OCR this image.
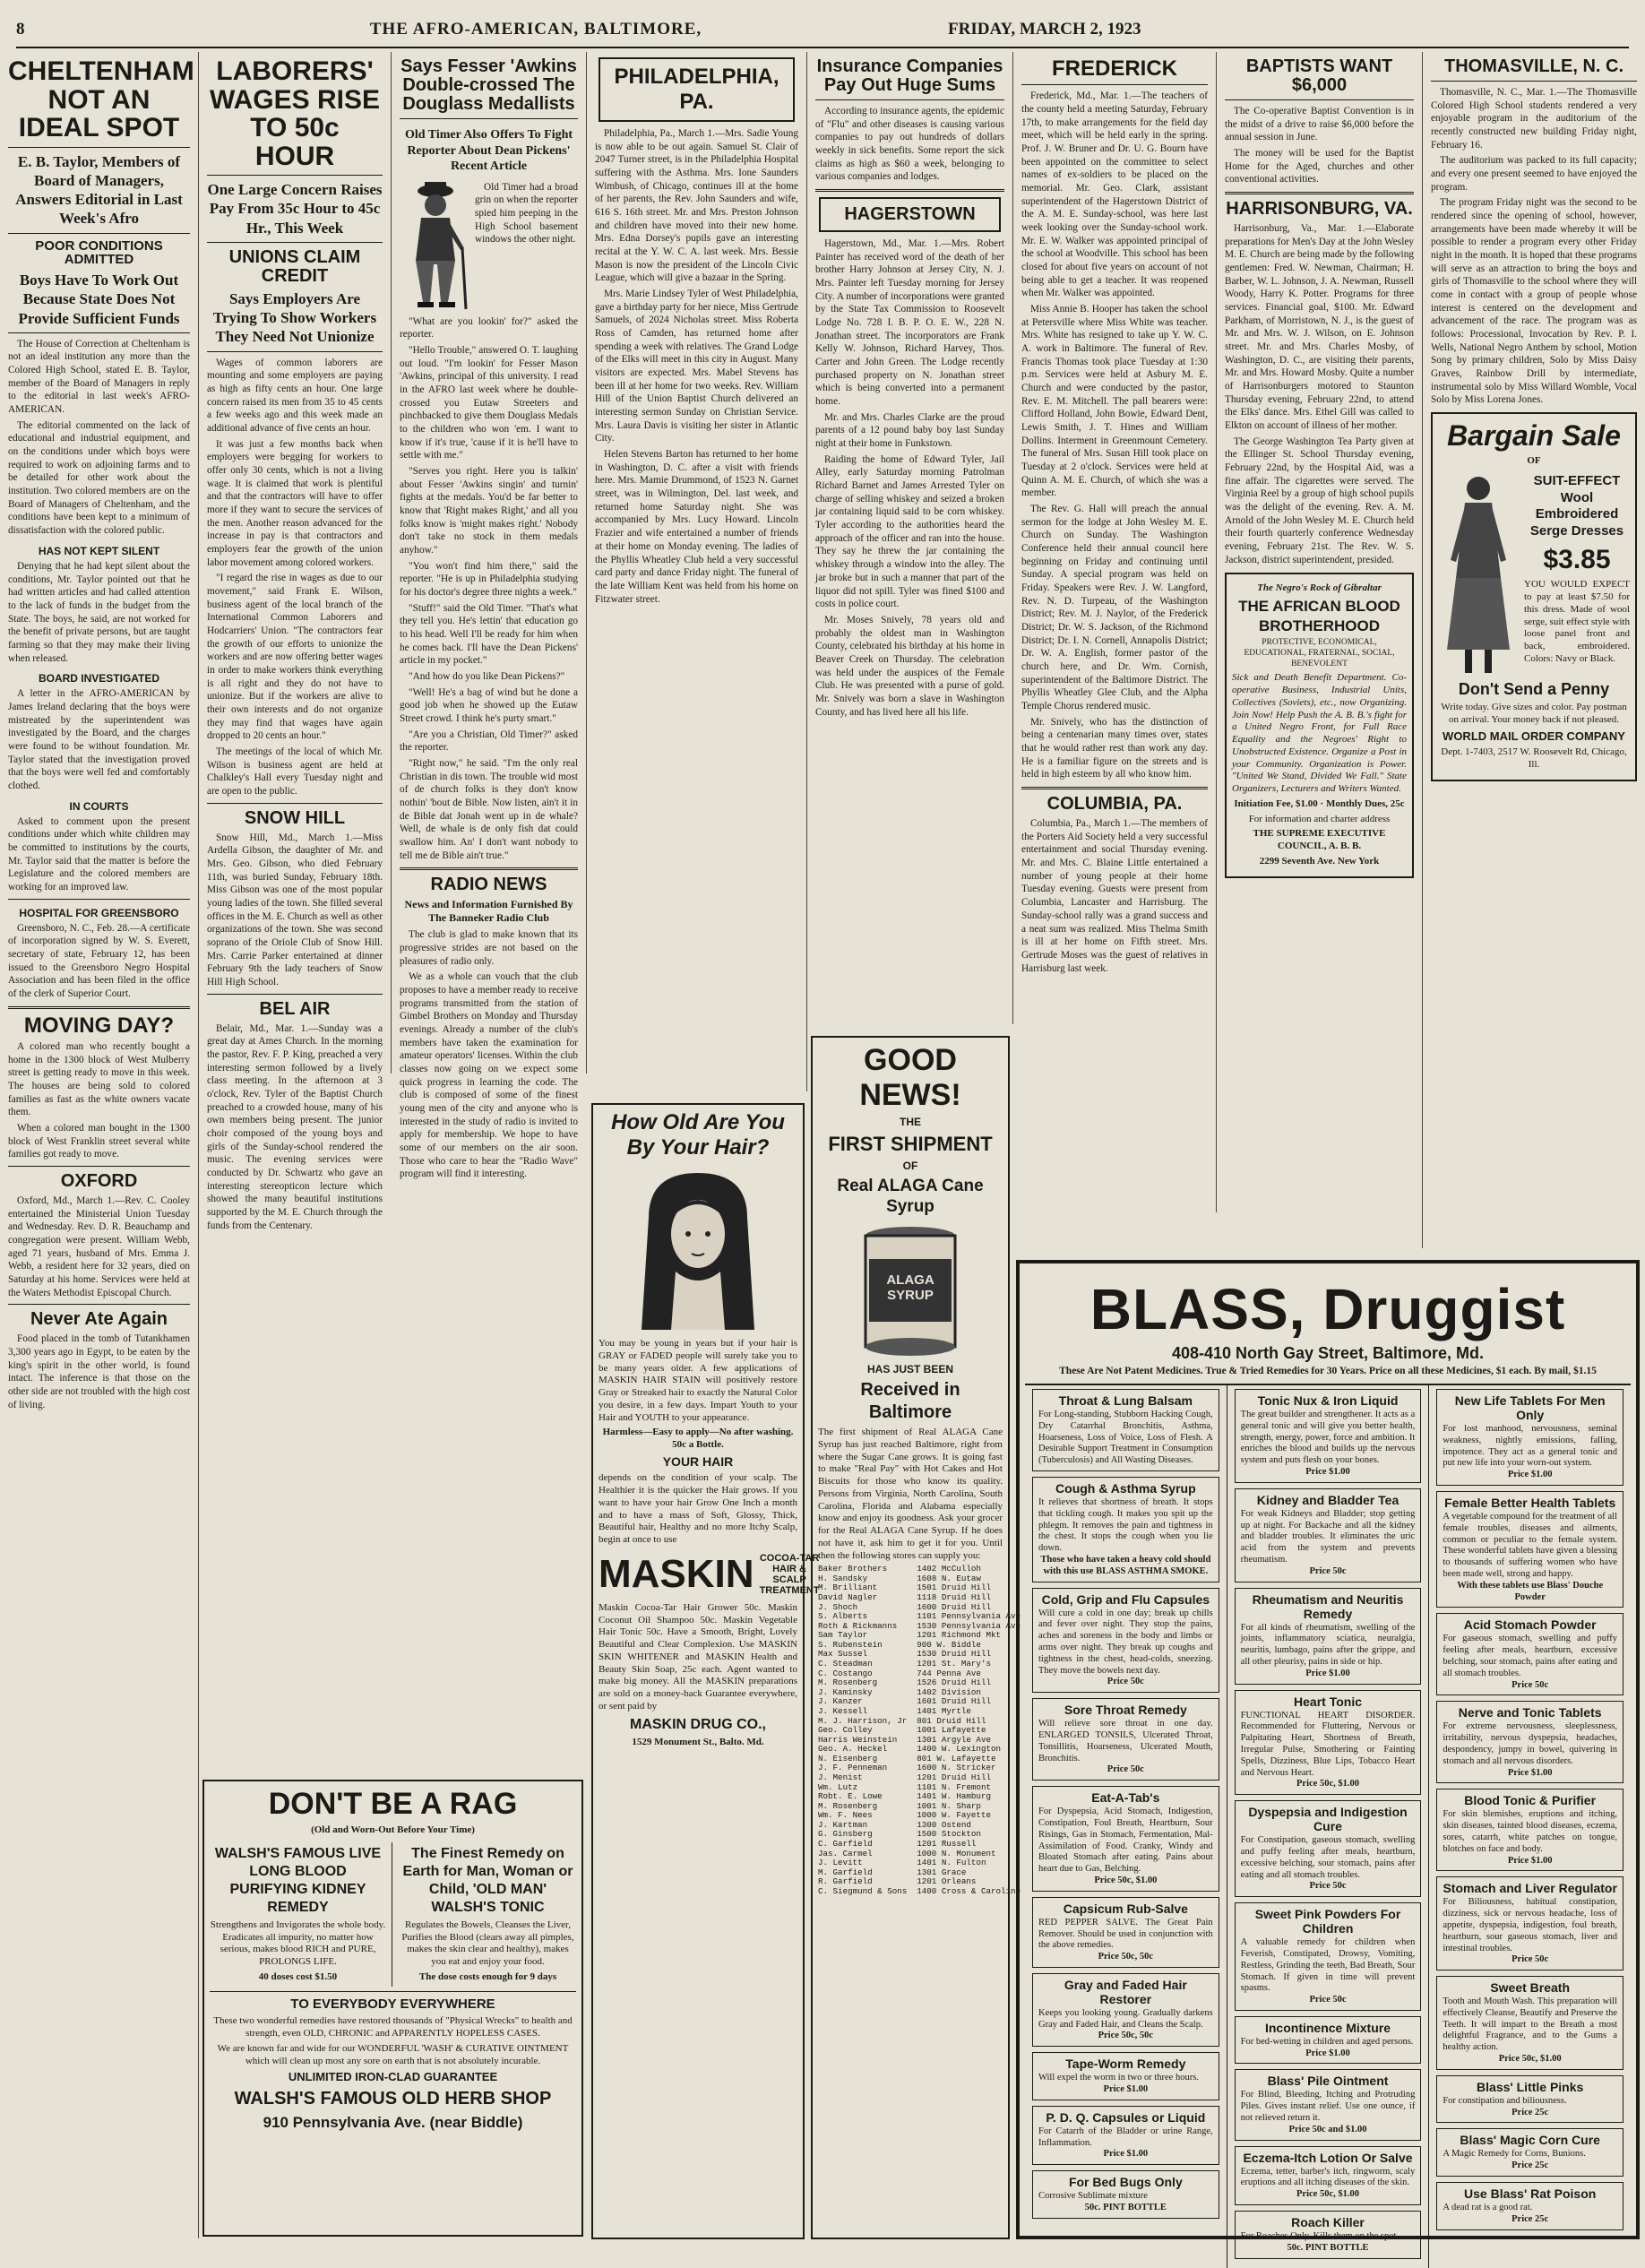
8	THE AFRO-AMERICAN, BALTIMORE,	FRIDAY, MARCH 2, 1923
CHELTENHAM NOT AN IDEAL SPOT
E. B. Taylor, Members of Board of Managers, Answers Editorial in Last Week's Afro
POOR CONDITIONS ADMITTED
Boys Have To Work Out Because State Does Not Provide Sufficient Funds

The House of Correction at Cheltenham is not an ideal institution any more than the Colored High School, stated E. B. Taylor, member of the Board of Managers in reply to the editorial in last week's AFRO-AMERICAN.

The editorial commented on the lack of educational and industrial equipment, and on the conditions under which boys were required to work on adjoining farms and to be detailed for other work about the institution. Two colored members are on the Board of Managers of Cheltenham, and the conditions have been kept to a minimum of dissatisfaction with the colored public.

HAS NOT KEPT SILENT

Denying that he had kept silent about the conditions, Mr. Taylor pointed out that he had written articles and had called attention to the lack of funds in the budget from the State. The boys, he said, are not worked for the benefit of private persons, but are taught farming so that they may make their living when released.

BOARD INVESTIGATED

A letter in the AFRO-AMERICAN by James Ireland declaring that the boys were mistreated by the superintendent was investigated by the Board, and the charges were found to be without foundation. Mr. Taylor stated that the investigation proved that the boys were well fed and comfortably clothed.

IN COURTS

Asked to comment upon the present conditions under which white children may be committed to institutions by the courts, Mr. Taylor said that the matter is before the Legislature and the colored members are working for an improved law.

HOSPITAL FOR GREENSBORO

Greensboro, N. C., Feb. 28.—A certificate of incorporation signed by W. S. Everett, secretary of state, February 12, has been issued to the Greensboro Negro Hospital Association and has been filed in the office of the clerk of Superior Court.

MOVING DAY?

A colored man who recently bought a home in the 1300 block of West Mulberry street is getting ready to move in this week. The houses are being sold to colored families as fast as the white owners vacate them.

When a colored man bought in the 1300 block of West Franklin street several white families got ready to move.

OXFORD

Oxford, Md., March 1.—Rev. C. Cooley entertained the Ministerial Union Tuesday and Wednesday. Rev. D. R. Beauchamp and congregation were present. William Webb, aged 71 years, husband of Mrs. Emma J. Webb, a resident here for 32 years, died on Saturday at his home. Services were held at the Waters Methodist Episcopal Church.

Never Ate Again

Food placed in the tomb of Tutankhamen 3,300 years ago in Egypt, to be eaten by the king's spirit in the other world, is found intact. The inference is that those on the other side are not troubled with the high cost of living.

LABORERS' WAGES RISE TO 50c HOUR
One Large Concern Raises Pay From 35c Hour to 45c Hr., This Week
UNIONS CLAIM CREDIT
Says Employers Are Trying To Show Workers They Need Not Unionize

Wages of common laborers are mounting and some employers are paying as high as fifty cents an hour. One large concern raised its men from 35 to 45 cents a few weeks ago and this week made an additional advance of five cents an hour.

It was just a few months back when employers were begging for workers to offer only 30 cents, which is not a living wage. It is claimed that work is plentiful and that the contractors will have to offer more if they want to secure the services of the men. Another reason advanced for the increase in pay is that contractors and employers fear the growth of the union labor movement among colored workers.

"I regard the rise in wages as due to our movement," said Frank E. Wilson, business agent of the local branch of the International Common Laborers and Hodcarriers' Union. "The contractors fear the growth of our efforts to unionize the workers and are now offering better wages in order to make workers think everything is all right and they do not have to unionize. But if the workers are alive to their own interests and do not organize they may find that wages have again dropped to 20 cents an hour."

The meetings of the local of which Mr. Wilson is business agent are held at Chalkley's Hall every Tuesday night and are open to the public.

SNOW HILL

Snow Hill, Md., March 1.—Miss Ardella Gibson, the daughter of Mr. and Mrs. Geo. Gibson, who died February 11th, was buried Sunday, February 18th. Miss Gibson was one of the most popular young ladies of the town. She filled several offices in the M. E. Church as well as other organizations of the town. She was second soprano of the Oriole Club of Snow Hill. Mrs. Carrie Parker entertained at dinner February 9th the lady teachers of Snow Hill High School.

BEL AIR

Belair, Md., Mar. 1.—Sunday was a great day at Ames Church. In the morning the pastor, Rev. F. P. King, preached a very interesting sermon followed by a lively class meeting. In the afternoon at 3 o'clock, Rev. Tyler of the Baptist Church preached to a crowded house, many of his own members being present. The junior choir composed of the young boys and girls of the Sunday-school rendered the music. The evening services were conducted by Dr. Schwartz who gave an interesting stereopticon lecture which showed the many beautiful institutions supported by the M. E. Church through the funds from the Centenary.

Says Fesser 'Awkins Double-crossed The Douglass Medallists
Old Timer Also Offers To Fight Reporter About Dean Pickens' Recent Article

Old Timer had a broad grin on when the reporter spied him peeping in the High School basement windows the other night.

"What are you lookin' for?" asked the reporter.

"Hello Trouble," answered O. T. laughing out loud. "I'm lookin' for Fesser Mason 'Awkins, principal of this university. I read in the AFRO last week where he double-crossed you Eutaw Streeters and pinchbacked to give them Douglass Medals to the children who won 'em. I want to know if it's true, 'cause if it is he'll have to settle with me."

"Serves you right. Here you is talkin' about Fesser 'Awkins singin' and turnin' fights at the medals. You'd be far better to know that 'Right makes Right,' and all you folks know is 'might makes right.' Nobody don't take no stock in them medals anyhow."

"You won't find him there," said the reporter. "He is up in Philadelphia studying for his doctor's degree three nights a week."

"Stuff!" said the Old Timer. "That's what they tell you. He's lettin' that education go to his head. Well I'll be ready for him when he comes back. I'll have the Dean Pickens' article in my pocket."

"And how do you like Dean Pickens?"

"Well! He's a bag of wind but he done a good job when he showed up the Eutaw Street crowd. I think he's purty smart."

"Are you a Christian, Old Timer?" asked the reporter.

"Right now," he said. "I'm the only real Christian in dis town. The trouble wid most of de church folks is they don't know nothin' 'bout de Bible. Now listen, ain't it in de Bible dat Jonah went up in de whale? Well, de whale is de only fish dat could swallow him. An' I don't want nobody to tell me de Bible ain't true."

RADIO NEWS
News and Information Furnished By The Banneker Radio Club

The club is glad to make known that its progressive strides are not based on the pleasures of radio only.

We as a whole can vouch that the club proposes to have a member ready to receive programs transmitted from the station of Gimbel Brothers on Monday and Thursday evenings. Already a number of the club's members have taken the examination for amateur operators' licenses. Within the club classes now going on we expect some quick progress in learning the code. The club is composed of some of the finest young men of the city and anyone who is interested in the study of radio is invited to apply for membership. We hope to have some of our members on the air soon. Those who care to hear the "Radio Wave" program will find it interesting.

DON'T BE A RAG

(Old and Worn-Out Before Your Time)

WALSH'S FAMOUS LIVE LONG BLOOD PURIFYING KIDNEY REMEDY

Strengthens and Invigorates the whole body. Eradicates all impurity, no matter how serious, makes blood RICH and PURE, PROLONGS LIFE.

40 doses cost $1.50

The Finest Remedy on Earth for Man, Woman or Child, 'OLD MAN' WALSH'S TONIC

Regulates the Bowels, Cleanses the Liver, Purifies the Blood (clears away all pimples, makes the skin clear and healthy), makes you eat and enjoy your food.

The dose costs enough for 9 days

TO EVERYBODY EVERYWHERE

These two wonderful remedies have restored thousands of "Physical Wrecks" to health and strength, even OLD, CHRONIC and APPARENTLY HOPELESS CASES.

We are known far and wide for our WONDERFUL 'WASH' & CURATIVE OINTMENT which will clean up most any sore on earth that is not absolutely incurable.

UNLIMITED IRON-CLAD GUARANTEE

WALSH'S FAMOUS OLD HERB SHOP

910 Pennsylvania Ave. (near Biddle)

PHILADELPHIA, PA.

Philadelphia, Pa., March 1.—Mrs. Sadie Young is now able to be out again. Samuel St. Clair of 2047 Turner street, is in the Philadelphia Hospital suffering with the Asthma. Mrs. Ione Saunders Wimbush, of Chicago, continues ill at the home of her parents, the Rev. John Saunders and wife, 616 S. 16th street. Mr. and Mrs. Preston Johnson and children have moved into their new home. Mrs. Edna Dorsey's pupils gave an interesting recital at the Y. W. C. A. last week. Mrs. Bessie Mason is now the president of the Lincoln Civic League, which will give a bazaar in the Spring.

Mrs. Marie Lindsey Tyler of West Philadelphia, gave a birthday party for her niece, Miss Gertrude Samuels, of 2024 Nicholas street. Miss Roberta Ross of Camden, has returned home after spending a week with relatives. The Grand Lodge of the Elks will meet in this city in August. Many visitors are expected. Mrs. Mabel Stevens has been ill at her home for two weeks. Rev. William Hill of the Union Baptist Church delivered an interesting sermon Sunday on Christian Service. Mrs. Laura Davis is visiting her sister in Atlantic City.

Helen Stevens Barton has returned to her home in Washington, D. C. after a visit with friends here. Mrs. Mamie Drummond, of 1523 N. Garnet street, was in Wilmington, Del. last week, and returned home Saturday night. She was accompanied by Mrs. Lucy Howard. Lincoln Frazier and wife entertained a number of friends at their home on Monday evening. The ladies of the Phyllis Wheatley Club held a very successful card party and dance Friday night. The funeral of the late William Kent was held from his home on Fitzwater street.

How Old Are You By Your Hair?

You may be young in years but if your hair is GRAY or FADED people will surely take you to be many years older. A few applications of MASKIN HAIR STAIN will positively restore Gray or Streaked hair to exactly the Natural Color you desire, in a few days. Impart Youth to your Hair and YOUTH to your appearance.

Harmless—Easy to apply—No after washing. 50c a Bottle.

YOUR HAIR

depends on the condition of your scalp. The Healthier it is the quicker the Hair grows. If you want to have your hair Grow One Inch a month and to have a mass of Soft, Glossy, Thick, Beautiful hair, Healthy and no more Itchy Scalp, begin at once to use

MASKIN COCOA-TAR HAIR & SCALP TREATMENT

Maskin Cocoa-Tar Hair Grower 50c. Maskin Coconut Oil Shampoo 50c. Maskin Vegetable Hair Tonic 50c. Have a Smooth, Bright, Lovely Beautiful and Clear Complexion. Use MASKIN SKIN WHITENER and MASKIN Health and Beauty Skin Soap, 25c each. Agent wanted to make big money. All the MASKIN preparations are sold on a money-back Guarantee everywhere, or sent paid by

MASKIN DRUG CO.,

1529 Monument St., Balto. Md.

Insurance Companies Pay Out Huge Sums

According to insurance agents, the epidemic of "Flu" and other diseases is causing various companies to pay out hundreds of dollars weekly in sick benefits. Some report the sick claims as high as $60 a week, belonging to various companies and lodges.

HAGERSTOWN

Hagerstown, Md., Mar. 1.—Mrs. Robert Painter has received word of the death of her brother Harry Johnson at Jersey City, N. J. Mrs. Painter left Tuesday morning for Jersey City. A number of incorporations were granted by the State Tax Commission to Roosevelt Lodge No. 728 I. B. P. O. E. W., 228 N. Jonathan street. The incorporators are Frank Kelly W. Johnson, Richard Harvey, Thos. Carter and John Green. The Lodge recently purchased property on N. Jonathan street which is being converted into a permanent home.

Mr. and Mrs. Charles Clarke are the proud parents of a 12 pound baby boy last Sunday night at their home in Funkstown.

Raiding the home of Edward Tyler, Jail Alley, early Saturday morning Patrolman Richard Barnet and James Arrested Tyler on charge of selling whiskey and seized a broken jar containing liquid said to be corn whiskey. Tyler according to the authorities heard the approach of the officer and ran into the house. They say he threw the jar containing the whiskey through a window into the alley. The jar broke but in such a manner that part of the liquor did not spill. Tyler was fined $100 and costs in police court.

Mr. Moses Snively, 78 years old and probably the oldest man in Washington County, celebrated his birthday at his home in Beaver Creek on Thursday. The celebration was held under the auspices of the Female Club. He was presented with a purse of gold. Mr. Snively was born a slave in Washington County, and has lived here all his life.

GOOD NEWS!

THE

FIRST SHIPMENT

OF

Real ALAGA Cane Syrup

ALAGA SYRUP

HAS JUST BEEN

Received in Baltimore

The first shipment of Real ALAGA Cane Syrup has just reached Baltimore, right from where the Sugar Cane grows. It is going fast to make "Real Pay" with Hot Cakes and Hot Biscuits for those who know its quality. Persons from Virginia, North Carolina, South Carolina, Florida and Alabama especially know and enjoy its goodness. Ask your grocer for the Real ALAGA Cane Syrup. If he does not have it, ask him to get it for you. Until then the following stores can supply you:

Baker Brothers      1402 McCulloh
H. Sandsky          1608 N. Eutaw
M. Brilliant        1501 Druid Hill
David Nagler        1118 Druid Hill
J. Shoch            1600 Druid Hill
S. Alberts          1101 Pennsylvania Ave
Roth & Rickmanns    1530 Pennsylvania Ave
Sam Taylor          1201 Richmond Mkt
S. Rubenstein       900 W. Biddle
Max Sussel          1530 Druid Hill
C. Steadman         1201 St. Mary's
C. Costango         744 Penna Ave
M. Rosenberg        1526 Druid Hill
J. Kaminsky         1402 Division
J. Kanzer           1601 Druid Hill
J. Kessell          1401 Myrtle
M. J. Harrison, Jr  801 Druid Hill
Geo. Colley         1001 Lafayette
Harris Weinstein    1301 Argyle Ave
Geo. A. Heckel      1400 W. Lexington
N. Eisenberg        801 W. Lafayette
J. F. Penneman      1600 N. Stricker
J. Menist           1201 Druid Hill
Wm. Lutz            1101 N. Fremont
Robt. E. Lowe       1401 W. Hamburg
M. Rosenberg        1001 N. Sharp
Wm. F. Nees         1000 W. Fayette
J. Kartman          1300 Ostend
G. Ginsberg         1500 Stockton
C. Garfield         1201 Russell
Jas. Carmel         1000 N. Monument
J. Levitt           1401 N. Fulton
M. Garfield         1301 Grace
R. Garfield         1201 Orleans
C. Siegmund & Sons  1400 Cross & Caroline
FREDERICK

Frederick, Md., Mar. 1.—The teachers of the county held a meeting Saturday, February 17th, to make arrangements for the field day meet, which will be held early in the spring. Prof. J. W. Bruner and Dr. U. G. Bourn have been appointed on the committee to select names of ex-soldiers to be placed on the memorial. Mr. Geo. Clark, assistant superintendent of the Hagerstown District of the A. M. E. Sunday-school, was here last week looking over the Sunday-school work. Mr. E. W. Walker was appointed principal of the school at Woodville. This school has been closed for about five years on account of not being able to get a teacher. It was reopened when Mr. Walker was appointed.

Miss Annie B. Hooper has taken the school at Petersville where Miss White was teacher. Mrs. White has resigned to take up Y. W. C. A. work in Baltimore. The funeral of Rev. Francis Thomas took place Tuesday at 1:30 p.m. Services were held at Asbury M. E. Church and were conducted by the pastor, Rev. E. M. Mitchell. The pall bearers were: Clifford Holland, John Bowie, Edward Dent, Lewis Smith, J. T. Hines and William Dollins. Interment in Greenmount Cemetery. The funeral of Mrs. Susan Hill took place on Tuesday at 2 o'clock. Services were held at Quinn A. M. E. Church, of which she was a member.

The Rev. G. Hall will preach the annual sermon for the lodge at John Wesley M. E. Church on Sunday. The Washington Conference held their annual council here beginning on Friday and continuing until Sunday. A special program was held on Friday. Speakers were Rev. J. W. Langford, Rev. N. D. Turpeau, of the Washington District; Rev. M. J. Naylor, of the Frederick District; Dr. W. S. Jackson, of the Richmond District; Dr. I. N. Cornell, Annapolis District; Dr. W. A. English, former pastor of the church here, and Dr. Wm. Cornish, superintendent of the Baltimore District. The Phyllis Wheatley Glee Club, and the Alpha Temple Chorus rendered music.

Mr. Snively, who has the distinction of being a centenarian many times over, states that he would rather rest than work any day. He is a familiar figure on the streets and is held in high esteem by all who know him.

COLUMBIA, PA.

Columbia, Pa., March 1.—The members of the Porters Aid Society held a very successful entertainment and social Thursday evening. Mr. and Mrs. C. Blaine Little entertained a number of young people at their home Tuesday evening. Guests were present from Columbia, Lancaster and Harrisburg. The Sunday-school rally was a grand success and a neat sum was realized. Miss Thelma Smith is ill at her home on Fifth street. Mrs. Gertrude Moses was the guest of relatives in Harrisburg last week.

BAPTISTS WANT $6,000

The Co-operative Baptist Convention is in the midst of a drive to raise $6,000 before the annual session in June.

The money will be used for the Baptist Home for the Aged, churches and other conventional activities.

HARRISONBURG, VA.

Harrisonburg, Va., Mar. 1.—Elaborate preparations for Men's Day at the John Wesley M. E. Church are being made by the following gentlemen: Fred. W. Newman, Chairman; H. Barber, W. L. Johnson, J. A. Newman, Russell Woody, Harry K. Potter. Programs for three services. Financial goal, $100. Mr. Edward Parkham, of Morristown, N. J., is the guest of Mr. and Mrs. W. J. Wilson, on E. Johnson street. Mr. and Mrs. Charles Mosby, of Washington, D. C., are visiting their parents, Mr. and Mrs. Howard Mosby. Quite a number of Harrisonburgers motored to Staunton Thursday evening, February 22nd, to attend the Elks' dance. Mrs. Ethel Gill was called to Elkton on account of illness of her mother.

The George Washington Tea Party given at the Ellinger St. School Thursday evening, February 22nd, by the Hospital Aid, was a fine affair. The cigarettes were served. The Virginia Reel by a group of high school pupils was the delight of the evening. Rev. A. M. Arnold of the John Wesley M. E. Church held their fourth quarterly conference Wednesday evening, February 21st. The Rev. W. S. Jackson, district superintendent, presided.

The Negro's Rock of Gibraltar

THE AFRICAN BLOOD BROTHERHOOD

PROTECTIVE, ECONOMICAL, EDUCATIONAL, FRATERNAL, SOCIAL, BENEVOLENT

Sick and Death Benefit Department. Co-operative Business, Industrial Units, Collectives (Soviets), etc., now Organizing. Join Now! Help Push the A. B. B.'s fight for a United Negro Front, for Full Race Equality and the Negroes' Right to Unobstructed Existence. Organize a Post in your Community. Organization is Power. "United We Stand, Divided We Fall." State Organizers, Lecturers and Writers Wanted.

Initiation Fee, $1.00 · Monthly Dues, 25c

For information and charter address

THE SUPREME EXECUTIVE COUNCIL, A. B. B.

2299 Seventh Ave. New York

THOMASVILLE, N. C.

Thomasville, N. C., Mar. 1.—The Thomasville Colored High School students rendered a very enjoyable program in the auditorium of the recently constructed new building Friday night, February 16.

The auditorium was packed to its full capacity; and every one present seemed to have enjoyed the program.

The program Friday night was the second to be rendered since the opening of school, however, arrangements have been made whereby it will be possible to render a program every other Friday night in the month. It is hoped that these programs will serve as an attraction to bring the boys and girls of Thomasville to the school where they will come in contact with a group of people whose interest is centered on the development and advancement of the race. The program was as follows: Processional, Invocation by Rev. P. I. Wells, National Negro Anthem by school, Motion Song by primary children, Solo by Miss Daisy Graves, Rainbow Drill by intermediate, instrumental solo by Miss Willard Womble, Vocal Solo by Miss Lorena Jones.

Bargain Sale

OF

SUIT-EFFECT Wool Embroidered Serge Dresses

$3.85

YOU WOULD EXPECT to pay at least $7.50 for this dress. Made of wool serge, suit effect style with loose panel front and back, embroidered. Colors: Navy or Black.

Don't Send a Penny

Write today. Give sizes and color. Pay postman on arrival. Your money back if not pleased.

WORLD MAIL ORDER COMPANY

Dept. 1-7403, 2517 W. Roosevelt Rd, Chicago, Ill.

BLASS, Druggist
408-410 North Gay Street, Baltimore, Md.
These Are Not Patent Medicines. True & Tried Remedies for 30 Years. Price on all these Medicines, $1 each. By mail, $1.15
Throat & Lung Balsam

For Long-standing, Stubborn Hacking Cough, Dry Catarrhal Bronchitis, Asthma, Hoarseness, Loss of Voice, Loss of Flesh. A Desirable Support Treatment in Consumption (Tuberculosis) and All Wasting Diseases.

Cough & Asthma Syrup

It relieves that shortness of breath. It stops that tickling cough. It makes you spit up the phlegm. It removes the pain and tightness in the chest. It stops the cough when you lie down.

Those who have taken a heavy cold should with this use BLASS ASTHMA SMOKE.

Cold, Grip and Flu Capsules

Will cure a cold in one day; break up chills and fever over night. They stop the pains, aches and soreness in the body and limbs or arms over night. They break up coughs and tightness in the chest, head-colds, sneezing. They move the bowels next day.

Price 50c

Sore Throat Remedy

Will relieve sore throat in one day. ENLARGED TONSILS, Ulcerated Throat, Tonsillitis, Hoarseness, Ulcerated Mouth, Bronchitis.

Price 50c

Eat-A-Tab's

For Dyspepsia, Acid Stomach, Indigestion, Constipation, Foul Breath, Heartburn, Sour Risings, Gas in Stomach, Fermentation, Mal-Assimilation of Food. Cranky, Windy and Bloated Stomach after eating. Pains about heart due to Gas, Belching.

Price 50c, $1.00

Capsicum Rub-Salve

RED PEPPER SALVE. The Great Pain Remover. Should be used in conjunction with the above remedies.

Price 50c, 50c

Gray and Faded Hair Restorer

Keeps you looking young. Gradually darkens Gray and Faded Hair, and Cleans the Scalp.

Price 50c, 50c

Tape-Worm Remedy

Will expel the worm in two or three hours.

Price $1.00

P. D. Q. Capsules or Liquid

For Catarrh of the Bladder or urine Range, Inflammation.

Price $1.00

For Bed Bugs Only

Corrosive Sublimate mixture

50c. PINT BOTTLE

Tonic Nux & Iron Liquid

The great builder and strengthener. It acts as a general tonic and will give you better health, strength, energy, power, force and ambition. It enriches the blood and builds up the nervous system and puts flesh on your bones.

Price $1.00

Kidney and Bladder Tea

For weak Kidneys and Bladder; stop getting up at night. For Backache and all the kidney and bladder troubles. It eliminates the uric acid from the system and prevents rheumatism.

Price 50c

Rheumatism and Neuritis Remedy

For all kinds of rheumatism, swelling of the joints, inflammatory sciatica, neuralgia, neuritis, lumbago, pains after the grippe, and all other pleurisy, pains in side or hip.

Price $1.00

Heart Tonic

FUNCTIONAL HEART DISORDER. Recommended for Fluttering, Nervous or Palpitating Heart, Shortness of Breath, Irregular Pulse, Smothering or Fainting Spells, Dizziness, Blue Lips, Tobacco Heart and Nervous Heart.

Price 50c, $1.00

Dyspepsia and Indigestion Cure

For Constipation, gaseous stomach, swelling and puffy feeling after meals, heartburn, excessive belching, sour stomach, pains after eating and all stomach troubles.

Price 50c

Sweet Pink Powders For Children

A valuable remedy for children when Feverish, Constipated, Drowsy, Vomiting, Restless, Grinding the teeth, Bad Breath, Sour Stomach. If given in time will prevent spasms.

Price 50c

Incontinence Mixture

For bed-wetting in children and aged persons.

Price $1.00

Blass' Pile Ointment

For Blind, Bleeding, Itching and Protruding Piles. Gives instant relief. Use one ounce, if not relieved return it.

Price 50c and $1.00

Eczema-Itch Lotion Or Salve

Eczema, tetter, barber's itch, ringworm, scaly eruptions and all itching diseases of the skin.

Price 50c, $1.00

Roach Killer

For Roaches Only. Kills them on the spot.

50c. PINT BOTTLE

New Life Tablets For Men Only

For lost manhood, nervousness, seminal weakness, nightly emissions, falling, impotence. They act as a general tonic and put new life into your worn-out system.

Price $1.00

Female Better Health Tablets

A vegetable compound for the treatment of all female troubles, diseases and ailments, common or peculiar to the female system. These wonderful tablets have given a blessing to thousands of suffering women who have been made well, strong and happy.

With these tablets use Blass' Douche Powder

Acid Stomach Powder

For gaseous stomach, swelling and puffy feeling after meals, heartburn, excessive belching, sour stomach, pains after eating and all stomach troubles.

Price 50c

Nerve and Tonic Tablets

For extreme nervousness, sleeplessness, irritability, nervous dyspepsia, headaches, despondency, jumpy in bowel, quivering in stomach and all nervous disorders.

Price $1.00

Blood Tonic & Purifier

For skin blemishes, eruptions and itching, skin diseases, tainted blood diseases, eczema, sores, catarrh, white patches on tongue, blotches on face and body.

Price $1.00

Stomach and Liver Regulator

For Biliousness, habitual constipation, dizziness, sick or nervous headache, loss of appetite, dyspepsia, indigestion, foul breath, heartburn, sour gaseous stomach, liver and intestinal troubles.

Price 50c

Sweet Breath

Tooth and Mouth Wash. This preparation will effectively Cleanse, Beautify and Preserve the Teeth. It will impart to the Breath a most delightful Fragrance, and to the Gums a healthy action.

Price 50c, $1.00

Blass' Little Pinks

For constipation and biliousness.

Price 25c

Blass' Magic Corn Cure

A Magic Remedy for Corns, Bunions.

Price 25c

Use Blass' Rat Poison

A dead rat is a good rat.

Price 25c
